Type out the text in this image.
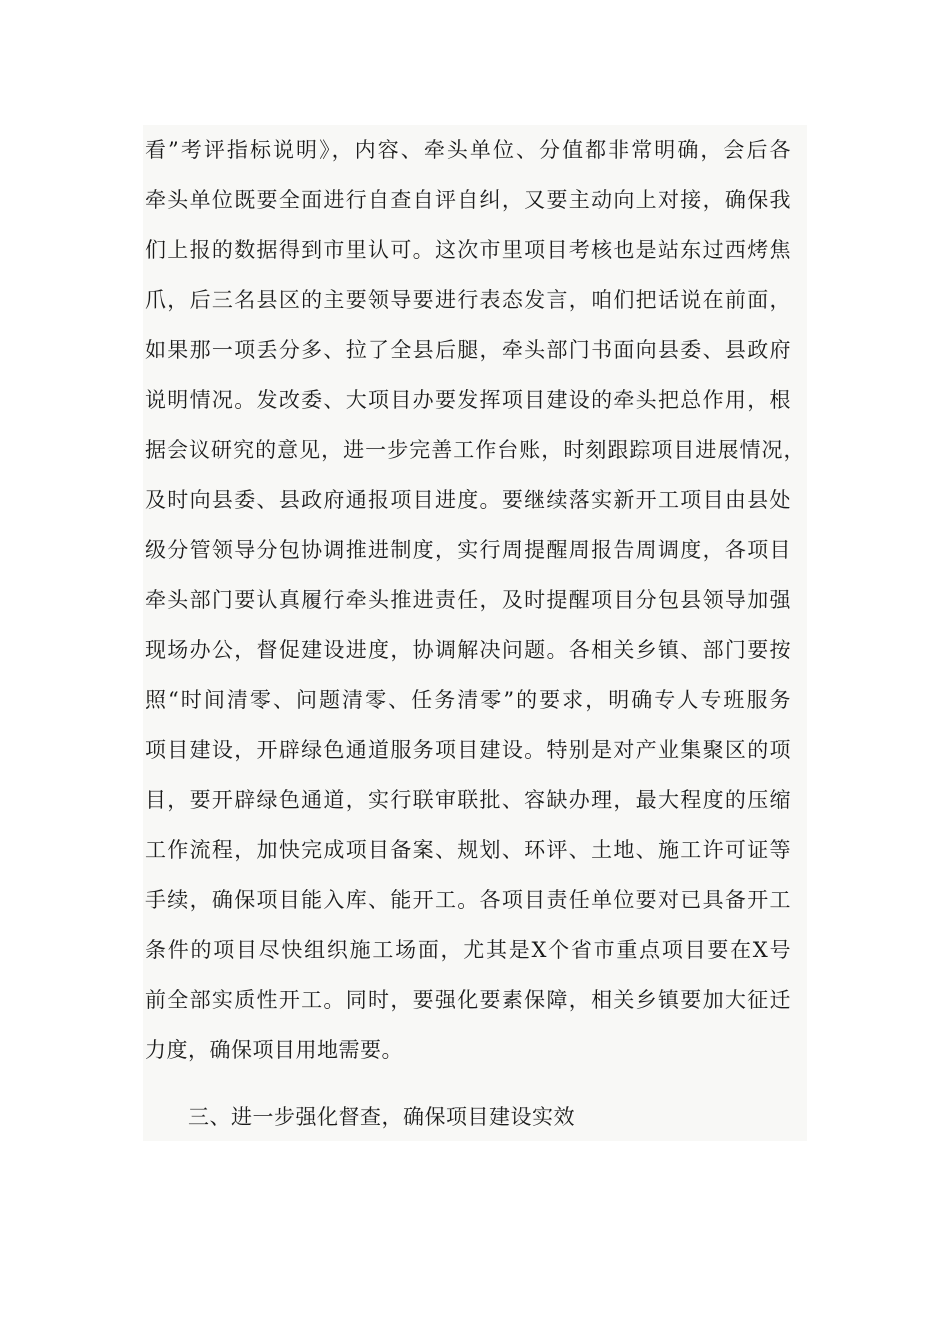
看”考评指标说明》，内容、牵头单位、分值都非常明确，会后各
牵头单位既要全面进行自查自评自纠，又要主动向上对接，确保我
们上报的数据得到市里认可。这次市里项目考核也是站东过西烤焦
爪，后三名县区的主要领导要进行表态发言，咱们把话说在前面，
如果那一项丢分多、拉了全县后腿，牵头部门书面向县委、县政府
说明情况。发改委、大项目办要发挥项目建设的牵头把总作用，根
据会议研究的意见，进一步完善工作台账，时刻跟踪项目进展情况，
及时向县委、县政府通报项目进度。要继续落实新开工项目由县处
级分管领导分包协调推进制度，实行周提醒周报告周调度，各项目
牵头部门要认真履行牵头推进责任，及时提醒项目分包县领导加强
现场办公，督促建设进度，协调解决问题。各相关乡镇、部门要按
照“时间清零、问题清零、任务清零”的要求，明确专人专班服务
项目建设，开辟绿色通道服务项目建设。特别是对产业集聚区的项
目，要开辟绿色通道，实行联审联批、容缺办理，最大程度的压缩
工作流程，加快完成项目备案、规划、环评、土地、施工许可证等
手续，确保项目能入库、能开工。各项目责任单位要对已具备开工
条件的项目尽快组织施工场面，尤其是X个省市重点项目要在X号
前全部实质性开工。同时，要强化要素保障，相关乡镇要加大征迁
力度，确保项目用地需要。
三、进一步强化督查，确保项目建设实效
